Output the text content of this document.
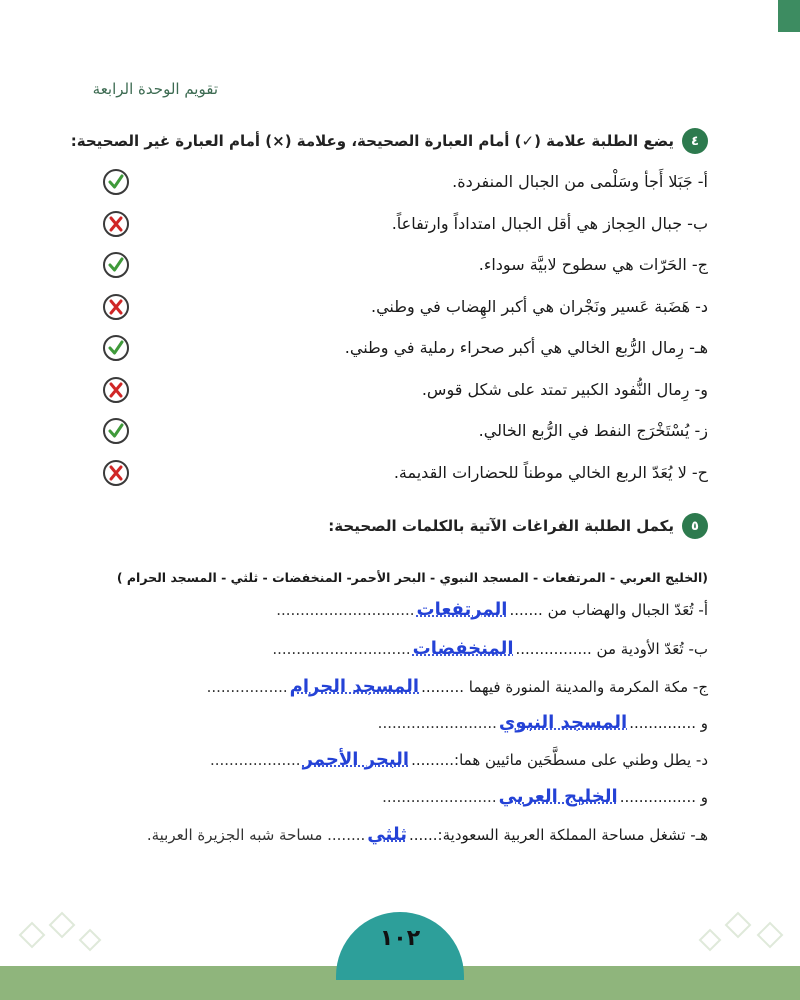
تقويم الوحدة الرابعة
٤
يضع الطلبة علامة (✓) أمام العبارة الصحيحة، وعلامة (×) أمام العبارة غير الصحيحة:
أ- جَبَلا أَجأ وسَلْمى من الجبال المنفردة.
ب- جبال الحِجاز هي أقل الجبال امتداداً وارتفاعاً.
ج- الحَرّات هي سطوح لابيَّة سوداء.
د- هَضَبة عَسير ونَجْران هي أكبر الهِضاب في وطني.
هـ- رِمال الرُّبع الخالي هي أكبر صحراء رملية في وطني.
و- رِمال النُّفود الكبير تمتد على شكل قوس.
ز- يُسْتَخْرَج النفط في الرُّبع الخالي.
ح- لا يُعَدّ الربع الخالي موطناً للحضارات القديمة.
٥
يكمل الطلبة الفراغات الآتية بالكلمات الصحيحة:
(الخليج العربي - المرتفعات - المسجد النبوي - البحر الأحمر- المنخفضات - ثلثي - المسجد الحرام )
أ- تُعَدّ الجبال والهضاب من .......المرتفعات.............................
ب- تُعَدّ الأودية من ................المنخفضات.............................
ج- مكة المكرمة والمدينة المنورة فيهما .........المسجد الحرام.................
و ..............المسجد النبوي.........................
د- يطل وطني على مسطَّحَين مائيين هما:.........البحر الأحمر...................
و ................الخليج العربي........................
هـ- تشغل مساحة المملكة العربية السعودية:......ثلثي........ مساحة شبه الجزيرة العربية.
١٠٢
